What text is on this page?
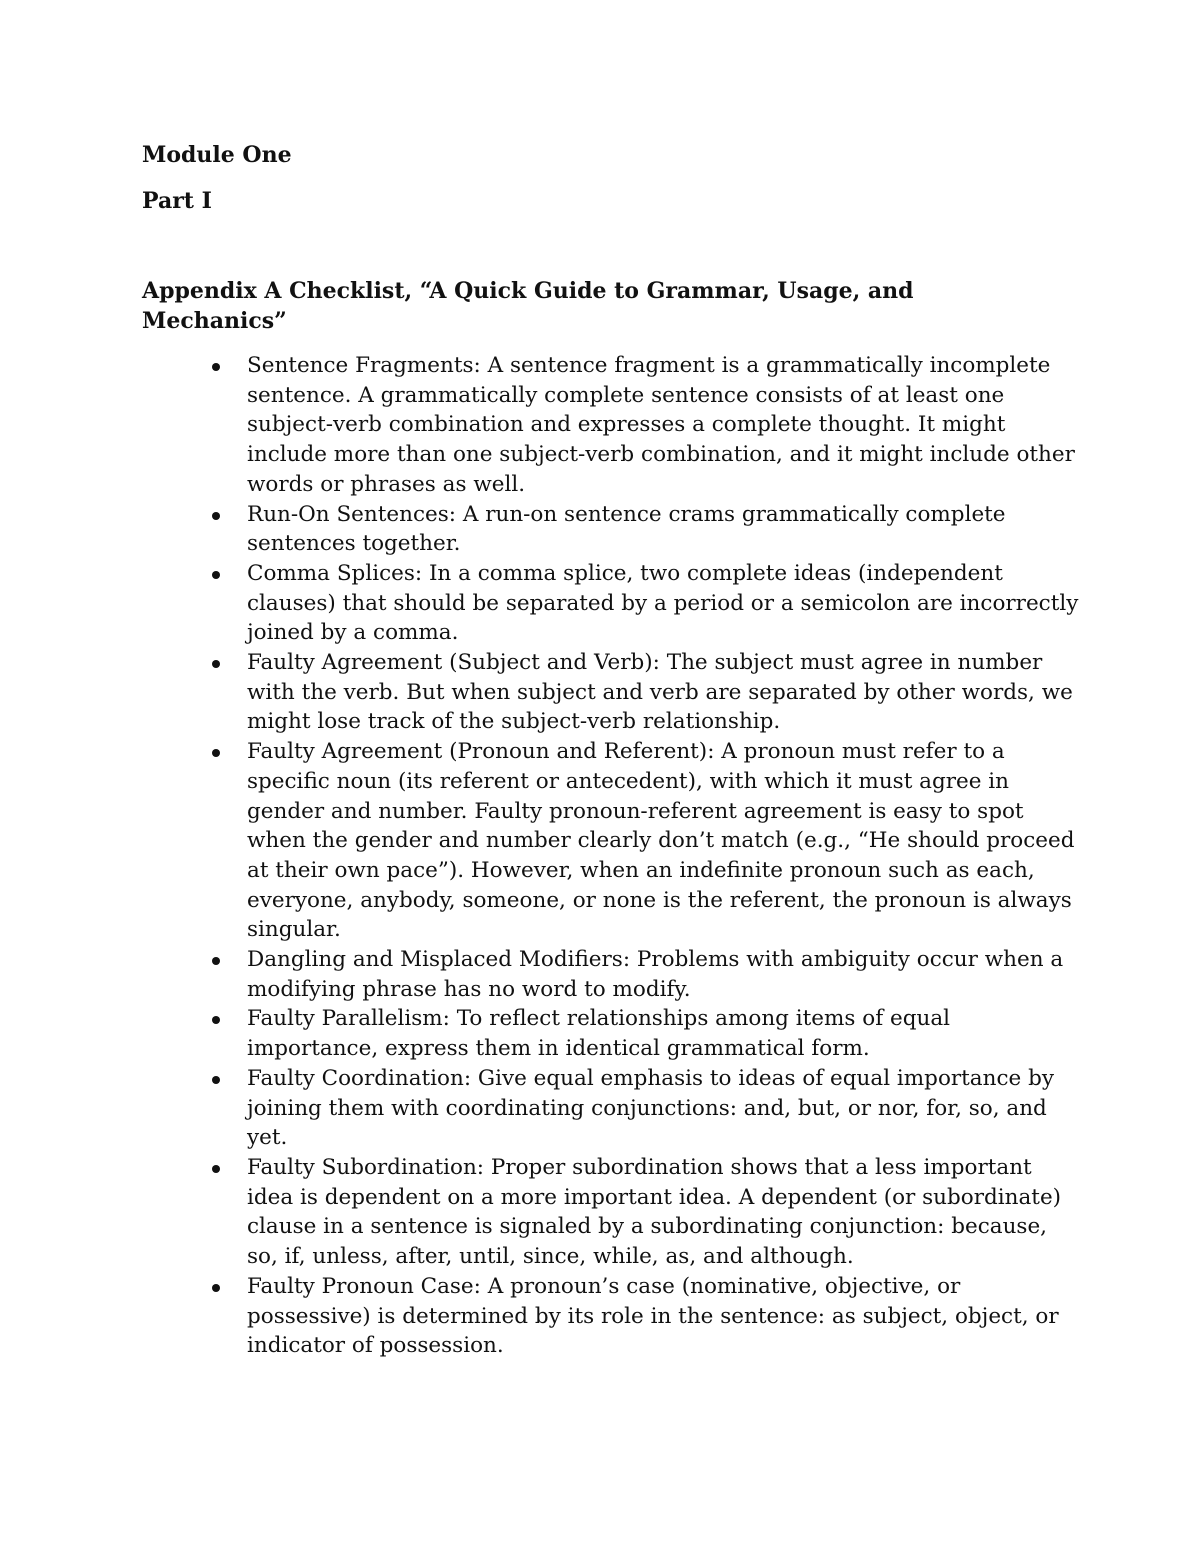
Module One
Part I
Appendix A Checklist, “A Quick Guide to Grammar, Usage, and Mechanics”
Sentence Fragments: A sentence fragment is a grammatically incomplete sentence. A grammatically complete sentence consists of at least one subject-verb combination and expresses a complete thought. It might include more than one subject-verb combination, and it might include other words or phrases as well.
Run-On Sentences: A run-on sentence crams grammatically complete sentences together.
Comma Splices: In a comma splice, two complete ideas (independent clauses) that should be separated by a period or a semicolon are incorrectly joined by a comma.
Faulty Agreement (Subject and Verb): The subject must agree in number with the verb. But when subject and verb are separated by other words, we might lose track of the subject-verb relationship.
Faulty Agreement (Pronoun and Referent): A pronoun must refer to a specific noun (its referent or antecedent), with which it must agree in gender and number. Faulty pronoun-referent agreement is easy to spot when the gender and number clearly don’t match (e.g., “He should proceed at their own pace”). However, when an indefinite pronoun such as each, everyone, anybody, someone, or none is the referent, the pronoun is always singular.
Dangling and Misplaced Modifiers: Problems with ambiguity occur when a modifying phrase has no word to modify.
Faulty Parallelism: To reflect relationships among items of equal importance, express them in identical grammatical form.
Faulty Coordination: Give equal emphasis to ideas of equal importance by joining them with coordinating conjunctions: and, but, or nor, for, so, and yet.
Faulty Subordination: Proper subordination shows that a less important idea is dependent on a more important idea. A dependent (or subordinate) clause in a sentence is signaled by a subordinating conjunction: because, so, if, unless, after, until, since, while, as, and although.
Faulty Pronoun Case: A pronoun’s case (nominative, objective, or possessive) is determined by its role in the sentence: as subject, object, or indicator of possession.
